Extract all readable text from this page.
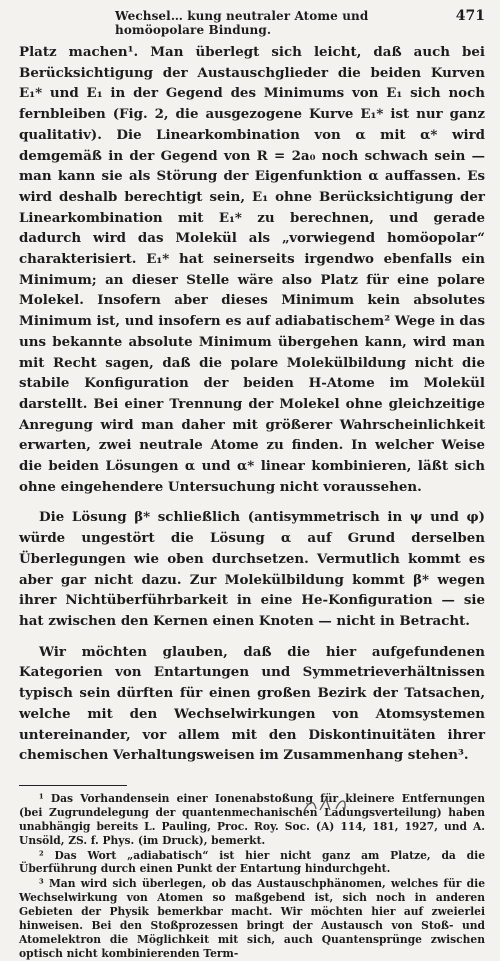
Wechsel… kung neutraler Atome und homöopolare Bindung.
471

Platz machen¹. Man überlegt sich leicht, daß auch bei Berücksichtigung der Austauschglieder die beiden Kurven E₁* und E₁ in der Gegend des Minimums von E₁ sich noch fernbleiben (Fig. 2, die ausgezogene Kurve E₁* ist nur ganz qualitativ). Die Linearkombination von α mit α* wird demgemäß in der Gegend von R = 2a₀ noch schwach sein — man kann sie als Störung der Eigenfunktion α auffassen. Es wird deshalb berechtigt sein, E₁ ohne Berücksichtigung der Linearkombination mit E₁* zu berechnen, und gerade dadurch wird das Molekül als „vorwiegend homöopolar“ charakterisiert. E₁* hat seinerseits irgendwo ebenfalls ein Minimum; an dieser Stelle wäre also Platz für eine polare Molekel. Insofern aber dieses Minimum kein absolutes Minimum ist, und insofern es auf adiabatischem² Wege in das uns bekannte absolute Minimum übergehen kann, wird man mit Recht sagen, daß die polare Molekülbildung nicht die stabile Konfiguration der beiden H-Atome im Molekül darstellt. Bei einer Trennung der Molekel ohne gleichzeitige Anregung wird man daher mit größerer Wahrscheinlichkeit erwarten, zwei neutrale Atome zu finden. In welcher Weise die beiden Lösungen α und α* linear kombinieren, läßt sich ohne eingehendere Untersuchung nicht voraussehen.

Die Lösung β* schließlich (antisymmetrisch in ψ und φ) würde ungestört die Lösung α auf Grund derselben Überlegungen wie oben durchsetzen. Vermutlich kommt es aber gar nicht dazu. Zur Molekülbildung kommt β* wegen ihrer Nichtüberführbarkeit in eine He-Konfiguration — sie hat zwischen den Kernen einen Knoten — nicht in Betracht.

Wir möchten glauben, daß die hier aufgefundenen Kategorien von Entartungen und Symmetrieverhältnissen typisch sein dürften für einen großen Bezirk der Tatsachen, welche mit den Wechselwirkungen von Atomsystemen untereinander, vor allem mit den Diskontinuitäten ihrer chemischen Verhaltungsweisen im Zusammenhang stehen³.

¹ Das Vorhandensein einer Ionenabstoßung für kleinere Entfernungen (bei Zugrundelegung der quantenmechanischen Ladungsverteilung) haben unabhängig bereits L. Pauling, Proc. Roy. Soc. (A) 114, 181, 1927, und A. Unsöld, ZS. f. Phys. (im Druck), bemerkt.

² Das Wort „adiabatisch“ ist hier nicht ganz am Platze, da die Überführung durch einen Punkt der Entartung hindurchgeht.

³ Man wird sich überlegen, ob das Austauschphänomen, welches für die Wechselwirkung von Atomen so maßgebend ist, sich noch in anderen Gebieten der Physik bemerkbar macht. Wir möchten hier auf zweierlei hinweisen. Bei den Stoßprozessen bringt der Austausch von Stoß- und Atomelektron die Möglichkeit mit sich, auch Quantensprünge zwischen optisch nicht kombinierenden Term-
